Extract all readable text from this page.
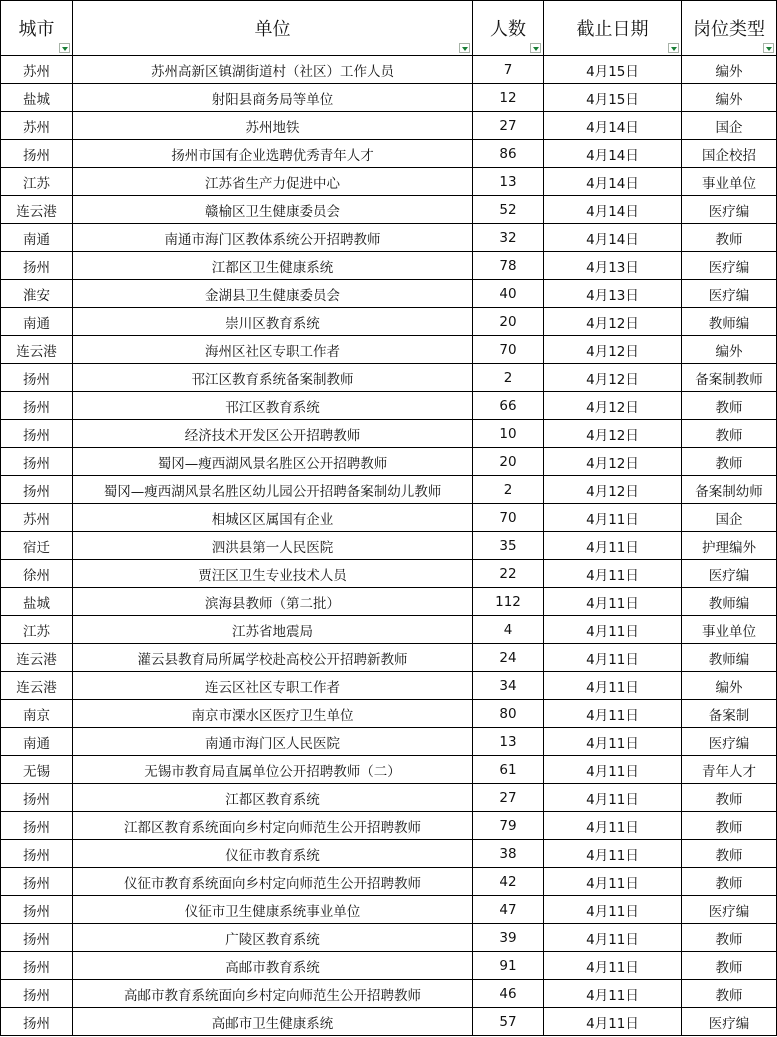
城市	单位	人数	截止日期	岗位类型

苏州	苏州高新区镇湖街道村（社区）工作人员	7	4月15日	编外
盐城	射阳县商务局等单位	12	4月15日	编外
苏州	苏州地铁	27	4月14日	国企
扬州	扬州市国有企业选聘优秀青年人才	86	4月14日	国企校招
江苏	江苏省生产力促进中心	13	4月14日	事业单位
连云港	赣榆区卫生健康委员会	52	4月14日	医疗编
南通	南通市海门区教体系统公开招聘教师	32	4月14日	教师
扬州	江都区卫生健康系统	78	4月13日	医疗编
淮安	金湖县卫生健康委员会	40	4月13日	医疗编
南通	崇川区教育系统	20	4月12日	教师编
连云港	海州区社区专职工作者	70	4月12日	编外
扬州	邗江区教育系统备案制教师	2	4月12日	备案制教师
扬州	邗江区教育系统	66	4月12日	教师
扬州	经济技术开发区公开招聘教师	10	4月12日	教师
扬州	蜀冈—瘦西湖风景名胜区公开招聘教师	20	4月12日	教师
扬州	蜀冈—瘦西湖风景名胜区幼儿园公开招聘备案制幼儿教师	2	4月12日	备案制幼师
苏州	相城区区属国有企业	70	4月11日	国企
宿迁	泗洪县第一人民医院	35	4月11日	护理编外
徐州	贾汪区卫生专业技术人员	22	4月11日	医疗编
盐城	滨海县教师（第二批）	112	4月11日	教师编
江苏	江苏省地震局	4	4月11日	事业单位
连云港	灌云县教育局所属学校赴高校公开招聘新教师	24	4月11日	教师编
连云港	连云区社区专职工作者	34	4月11日	编外
南京	南京市溧水区医疗卫生单位	80	4月11日	备案制
南通	南通市海门区人民医院	13	4月11日	医疗编
无锡	无锡市教育局直属单位公开招聘教师（二）	61	4月11日	青年人才
扬州	江都区教育系统	27	4月11日	教师
扬州	江都区教育系统面向乡村定向师范生公开招聘教师	79	4月11日	教师
扬州	仪征市教育系统	38	4月11日	教师
扬州	仪征市教育系统面向乡村定向师范生公开招聘教师	42	4月11日	教师
扬州	仪征市卫生健康系统事业单位	47	4月11日	医疗编
扬州	广陵区教育系统	39	4月11日	教师
扬州	高邮市教育系统	91	4月11日	教师
扬州	高邮市教育系统面向乡村定向师范生公开招聘教师	46	4月11日	教师
扬州	高邮市卫生健康系统	57	4月11日	医疗编
